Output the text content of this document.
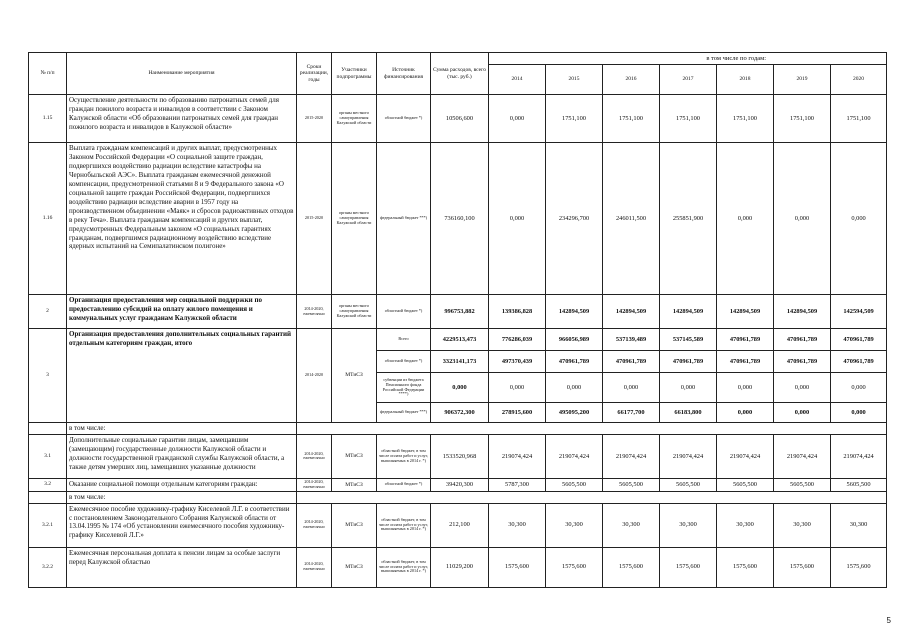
№ п/п	Наименование мероприятия	Сроки реализации, годы	Участники подпрограммы	Источник финансирования	Сумма расходов, всего (тыс. руб.)	в том числе по годам:						
						2014	2015	2016	2017	2018	2019	2020
1.15	Осуществление деятельности по образованию патронатных семей для граждан пожилого возраста и инвалидов в соответствии с Законом Калужской области «Об образовании патронатных семей для граждан пожилого возраста и инвалидов в Калужской области»	2015-2020	органы местного самоуправления Калужской области	областной бюджет *)	10506,600	0,000	1751,100	1751,100	1751,100	1751,100	1751,100	1751,100
1.16	Выплата гражданам компенсаций и других выплат, предусмотренных Законом Российской Федерации «О социальной защите граждан, подвергшихся воздействию радиации вследствие катастрофы на Чернобыльской АЭС». Выплата гражданам ежемесячной денежной компенсации, предусмотренной статьями 8 и 9 Федерального закона «О социальной защите граждан Российской Федерации, подвергшихся воздействию радиации вследствие аварии в 1957 году на производственном объединении «Маяк» и сбросов радиоактивных отходов в реку Теча». Выплата гражданам компенсаций и других выплат, предусмотренных Федеральным законом «О социальных гарантиях гражданам, подвергшимся радиационному воздействию вследствие ядерных испытаний на Семипалатинском полигоне»	2015-2020	органы местного самоуправления Калужской области	федеральный бюджет ***)	736160,100	0,000	234296,700	246011,500	255851,900	0,000	0,000	0,000
2	Организация предоставления мер социальной поддержки по предоставлению субсидий на оплату жилого помещения и коммунальных услуг гражданам Калужской области	2014-2020, ежемесячно	органы местного самоуправления Калужской области	областной бюджет *)	996753,882	139386,828	142894,509	142894,509	142894,509	142894,509	142894,509	142594,509
3	Организация предоставления дополнительных социальных гарантий отдельным категориям граждан, итого	2014-2020	МТиСЗ	Всего	4229513,473	776286,039	966056,989	537139,489	537145,589	470961,789	470961,789	470961,789
				областной бюджет *)	3323141,173	497370,439	470961,789	470961,789	470961,789	470961,789	470961,789	470961,789
				субвенции из бюджета Пенсионного фонда Российской Федерации ****)	0,000	0,000	0,000	0,000	0,000	0,000	0,000	0,000
				федеральный бюджет ***)	906372,300	278915,600	495095,200	66177,700	66183,800	0,000	0,000	0,000
	в том числе:											
3.1	Дополнительные социальные гарантии лицам, замещавшим (замещающим) государственные должности Калужской области и должности государственной гражданской службы Калужской области, а также детям умерших лиц, замещавших указанные должности	2014-2020, ежемесячно	МТиСЗ	областной бюджет, в том числе оплата работ и услуг, выполняемых в 2014 г. *)	1533520,968	219074,424	219074,424	219074,424	219074,424	219074,424	219074,424	219074,424
3.2	Оказание социальной помощи отдельным категориям граждан:	2014-2020, ежемесячно	МТиСЗ	областной бюджет *)	39420,300	5787,300	5605,500	5605,500	5605,500	5605,500	5605,500	5605,500
	в том числе:											
3.2.1	Ежемесячное пособие художнику-графику Киселевой Л.Г. в соответствии с постановлением Законодательного Собрания Калужской области от 13.04.1995 № 174 «Об установлении ежемесячного пособия художнику-графику Киселевой Л.Г.»	2014-2020, ежемесячно	МТиСЗ	областной бюджет, в том числе оплата работ и услуг, выполняемых в 2014 г. *)	212,100	30,300	30,300	30,300	30,300	30,300	30,300	30,300
3.2.2	Ежемесячная персональная доплата к пенсии лицам за особые заслуги перед Калужской областью	2014-2020, ежемесячно	МТиСЗ	областной бюджет, в том числе оплата работ и услуг, выполняемых в 2014 г. *)	11029,200	1575,600	1575,600	1575,600	1575,600	1575,600	1575,600	1575,600
5
